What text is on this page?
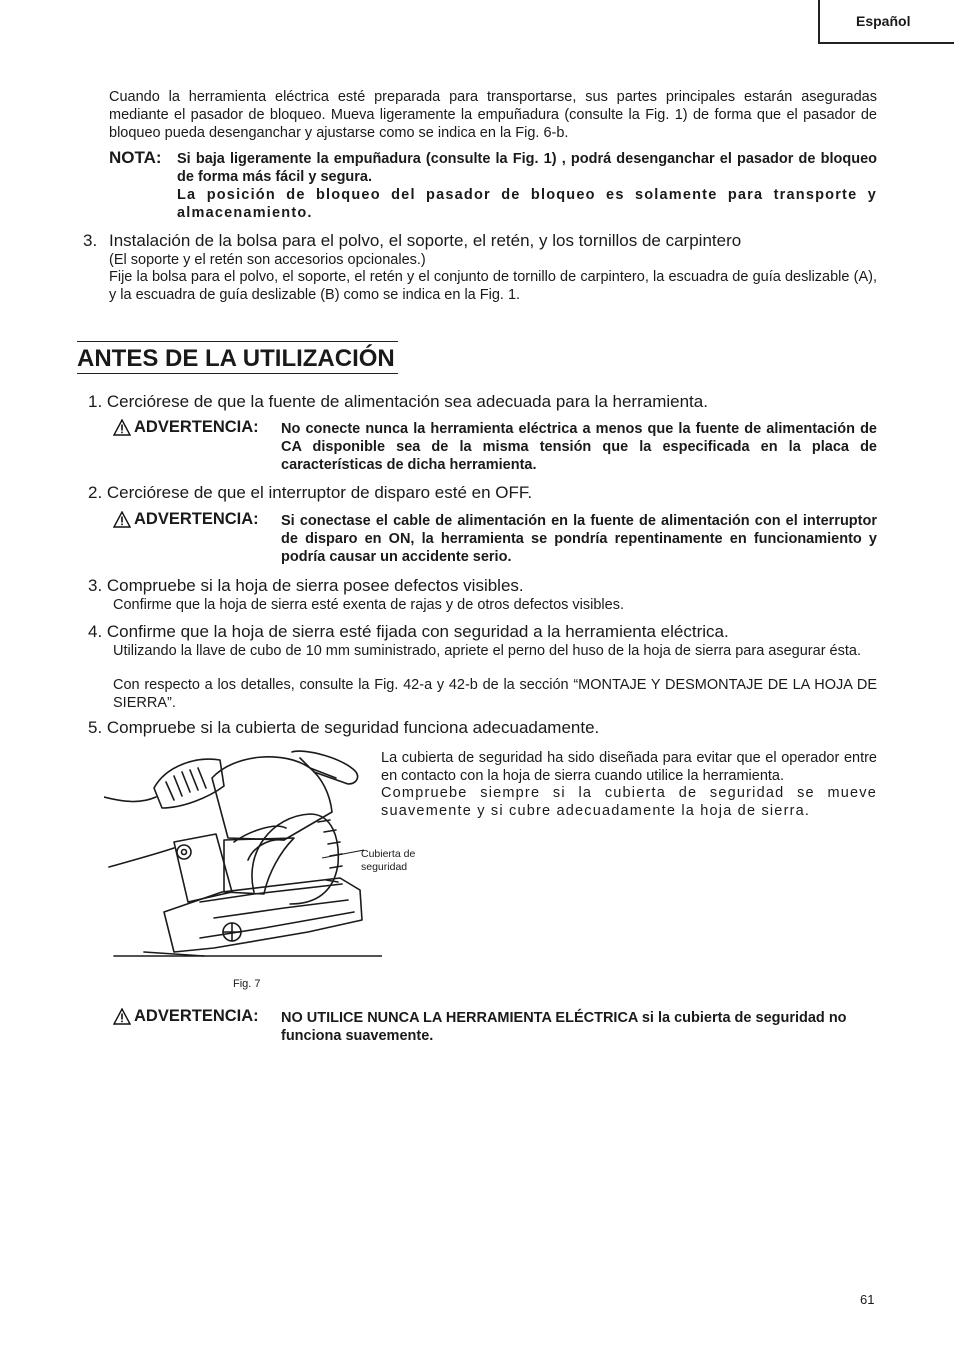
Español
Cuando la herramienta eléctrica esté preparada para transportarse, sus partes principales estarán aseguradas mediante el pasador de bloqueo. Mueva ligeramente la empuñadura (consulte la Fig. 1) de forma que el pasador de bloqueo pueda desenganchar y ajustarse como se indica en la Fig. 6-b.
NOTA: Si baja ligeramente la empuñadura (consulte la Fig. 1) , podrá desenganchar el pasador de bloqueo de forma más fácil y segura.
La posición de bloqueo del pasador de bloqueo es solamente para transporte y almacenamiento.
3. Instalación de la bolsa para el polvo, el soporte, el retén, y los tornillos de carpintero
(El soporte y el retén son accesorios opcionales.)
Fije la bolsa para el polvo, el soporte, el retén y el conjunto de tornillo de carpintero, la escuadra de guía deslizable (A), y la escuadra de guía deslizable (B) como se indica en la Fig. 1.
ANTES DE LA UTILIZACIÓN
1. Cerciórese de que la fuente de alimentación sea adecuada para la herramienta.
ADVERTENCIA: No conecte nunca la herramienta eléctrica a menos que la fuente de alimentación de CA disponible sea de la misma tensión que la especificada en la placa de características de dicha herramienta.
2. Cerciórese de que el interruptor de disparo esté en OFF.
ADVERTENCIA: Si conectase el cable de alimentación en la fuente de alimentación con el interruptor de disparo en ON, la herramienta se pondría repentinamente en funcionamiento y podría causar un accidente serio.
3. Compruebe si la hoja de sierra posee defectos visibles.
Confirme que la hoja de sierra esté exenta de rajas y de otros defectos visibles.
4. Confirme que la hoja de sierra esté fijada con seguridad a la herramienta eléctrica.
Utilizando la llave de cubo de 10 mm suministrado, apriete el perno del huso de la hoja de sierra para asegurar ésta.
Con respecto a los detalles, consulte la Fig. 42-a y 42-b de la sección “MONTAJE Y DESMONTAJE DE LA HOJA DE SIERRA”.
5. Compruebe si la cubierta de seguridad funciona adecuadamente.
La cubierta de seguridad ha sido diseñada para evitar que el operador entre en contacto con la hoja de sierra cuando utilice la herramienta.
Compruebe siempre si la cubierta de seguridad se mueve suavemente y si cubre adecuadamente la hoja de sierra.
Cubierta de seguridad
Fig. 7
ADVERTENCIA: NO UTILICE NUNCA LA HERRAMIENTA ELÉCTRICA si la cubierta de seguridad no funciona suavemente.
61
